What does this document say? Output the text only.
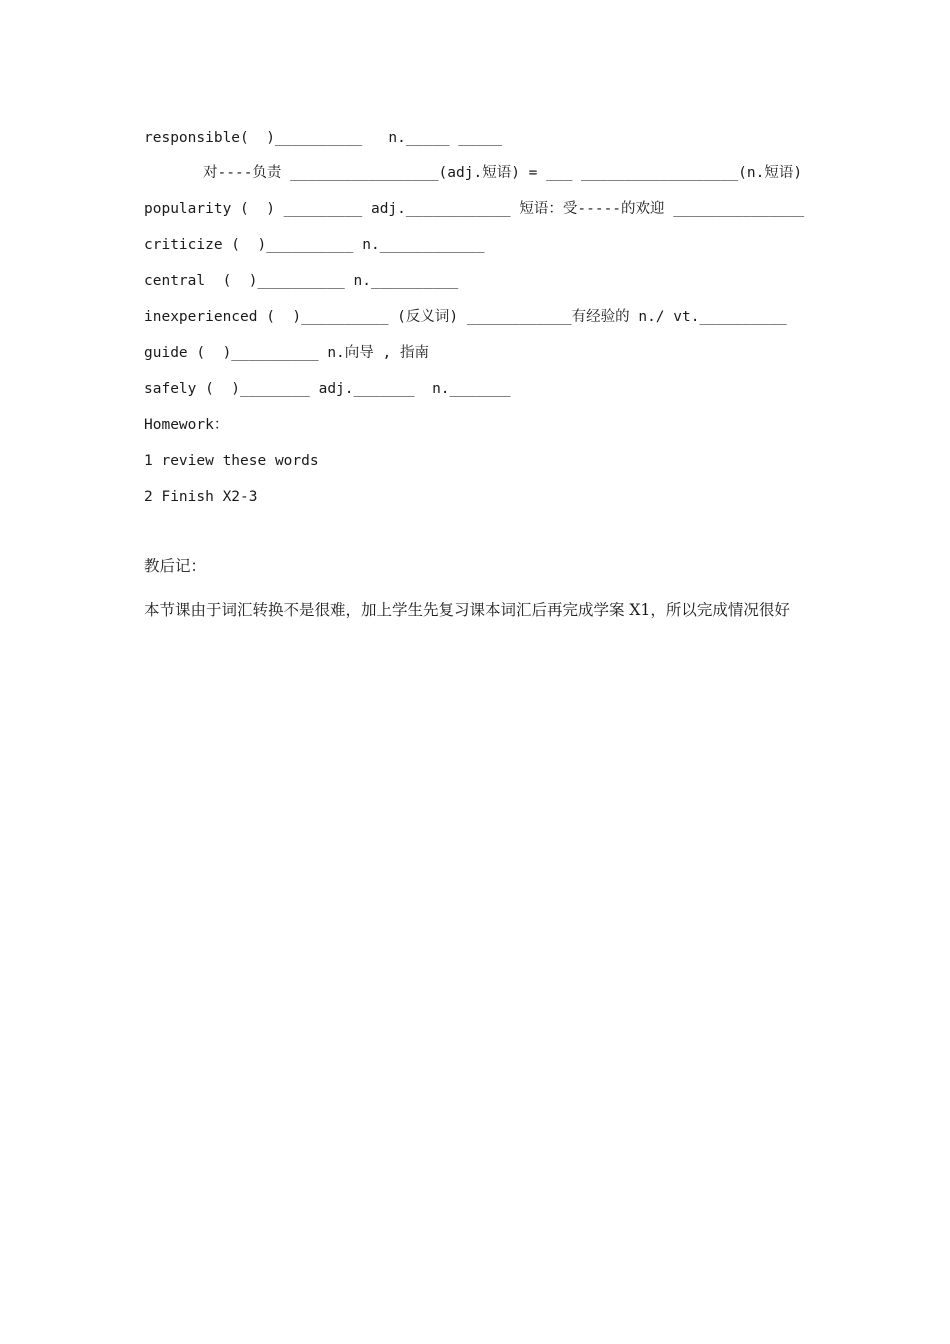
responsible(  )__________   n._____ _____
对----负责 _________________(adj.短语) = ___ __________________(n.短语)
popularity (  ) _________ adj.____________ 短语：受-----的欢迎 _______________
criticize (  )__________ n.____________
central  (  )__________ n.__________
inexperienced (  )__________ (反义词) ____________有经验的 n./ vt.__________
guide (  )__________ n.向导 , 指南
safely (  )________ adj._______  n._______
Homework：
1 review these words
2 Finish X2-3
教后记：
本节课由于词汇转换不是很难，加上学生先复习课本词汇后再完成学案 X1，所以完成情况很好
